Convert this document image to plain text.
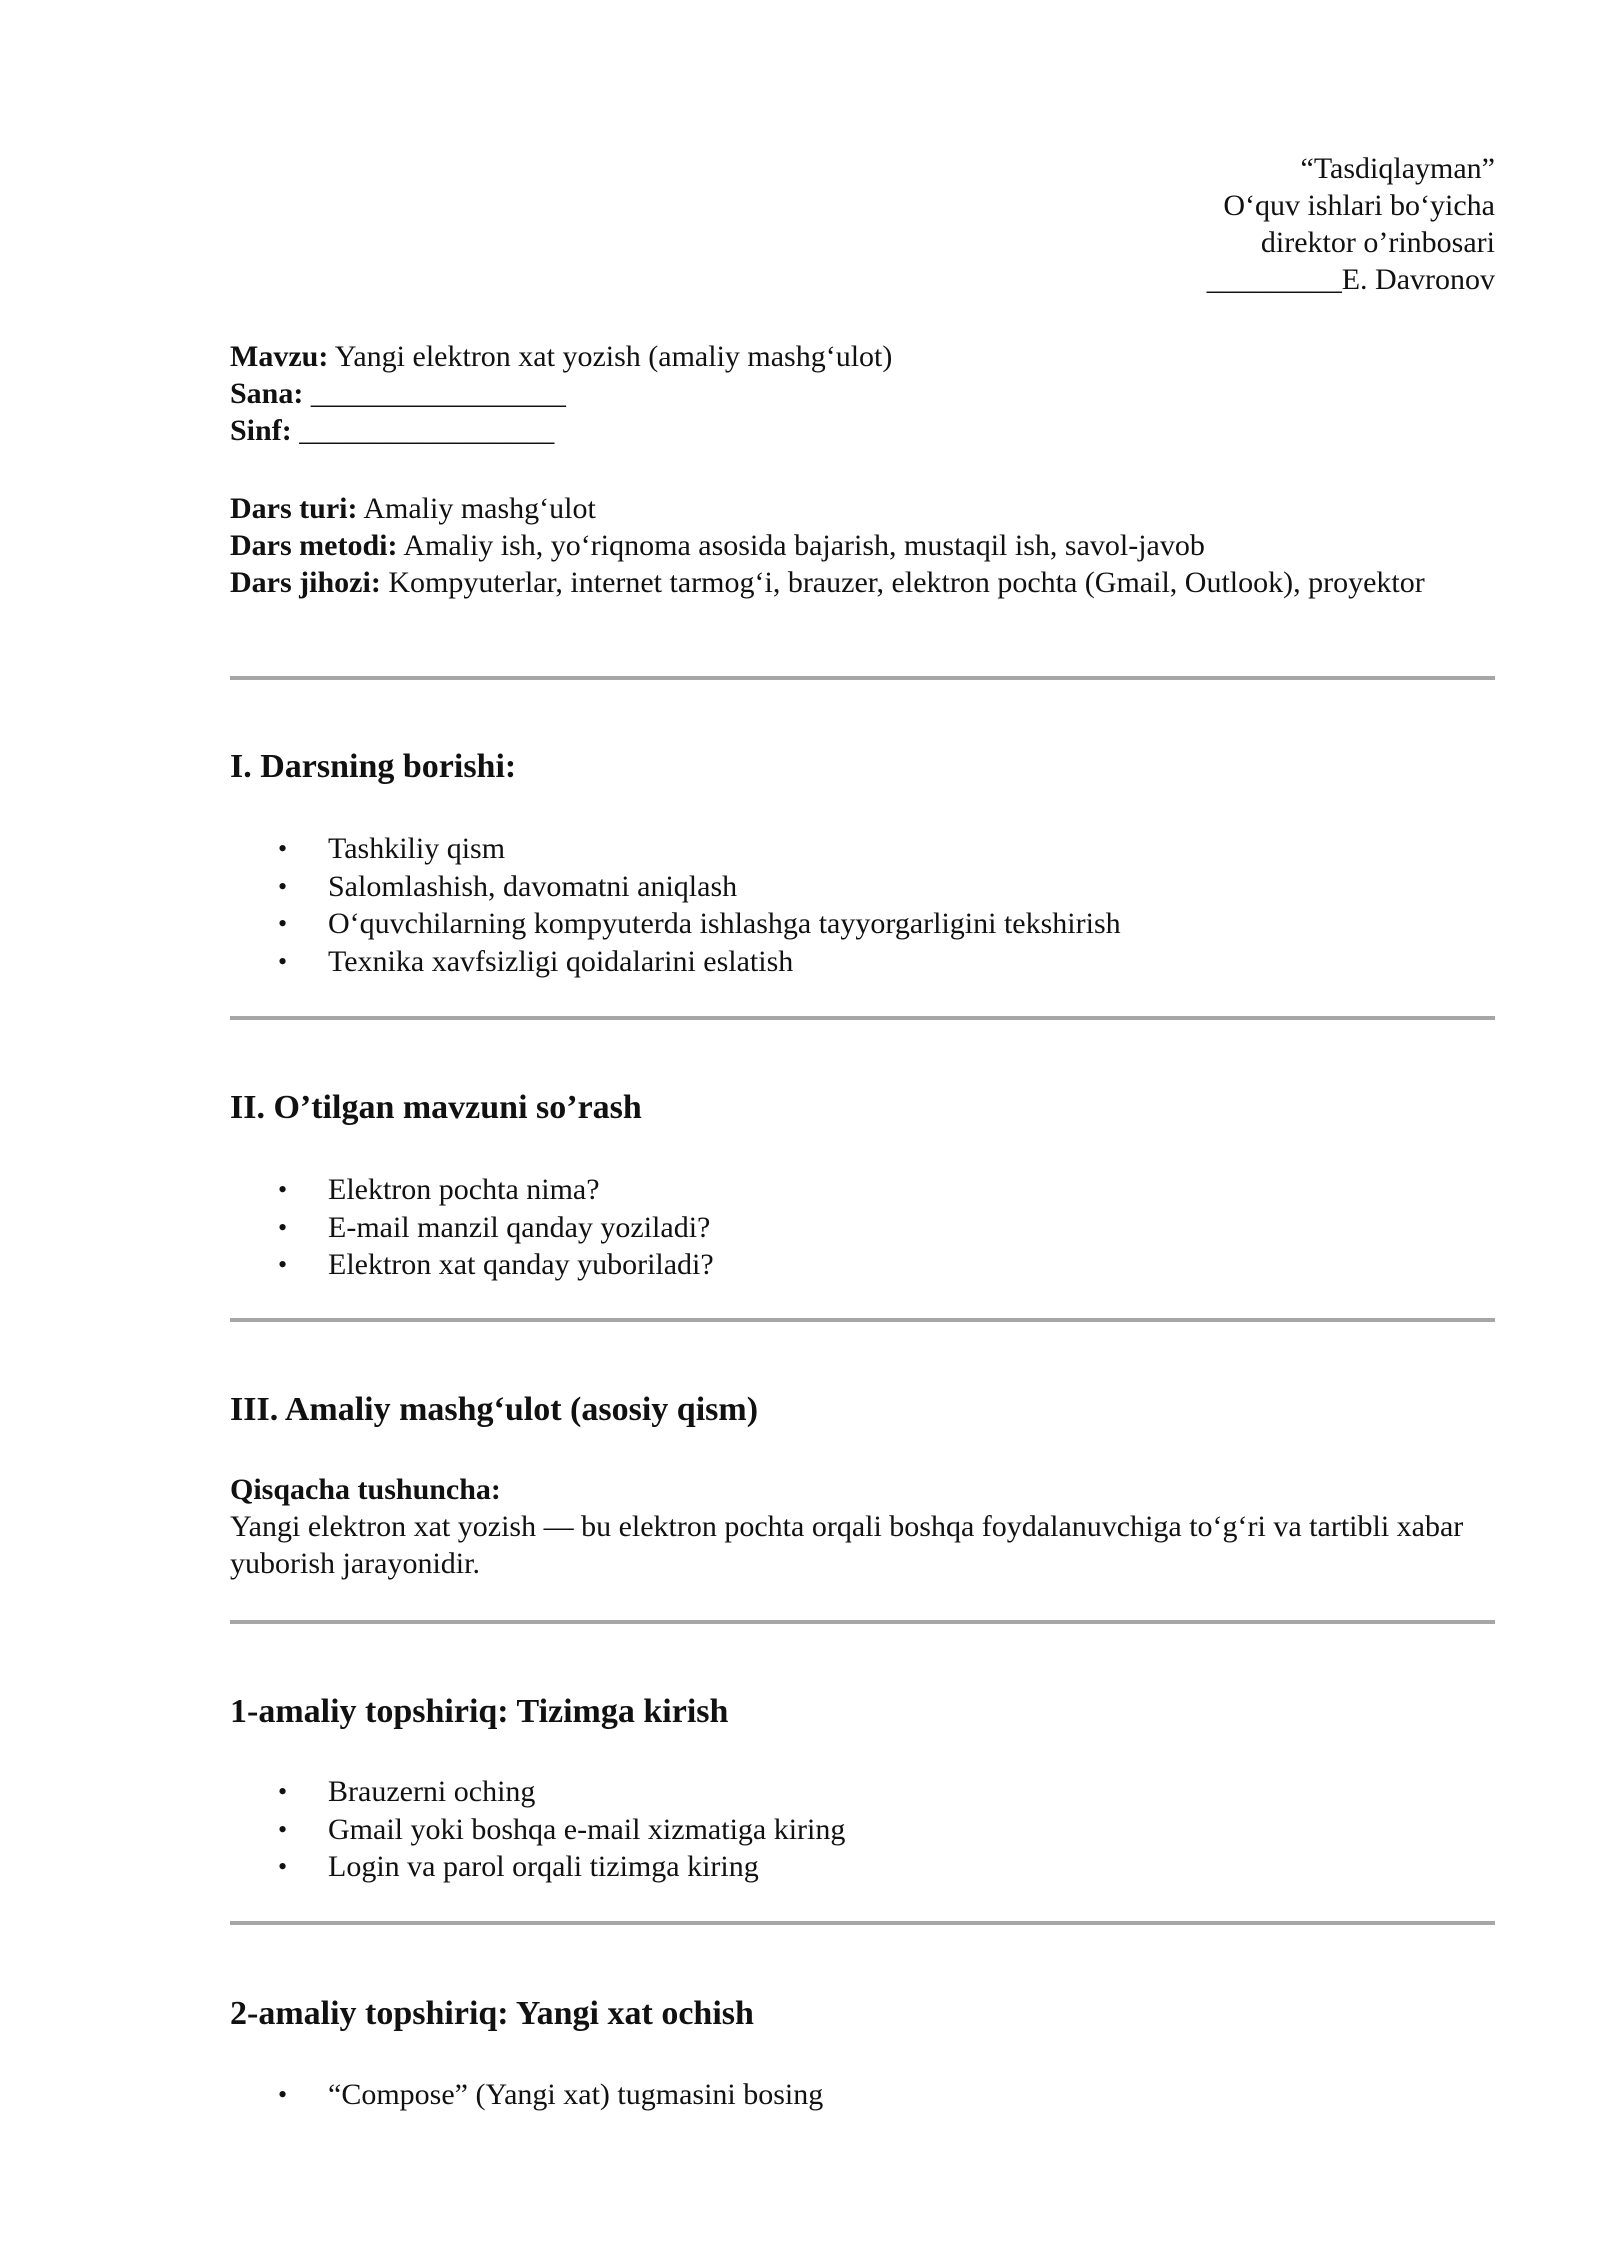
“Tasdiqlayman”
O‘quv ishlari bo‘yicha
direktor o’rinbosari
_________E. Davronov
Mavzu: Yangi elektron xat yozish (amaliy mashg‘ulot)
Sana: _________________
Sinf: _________________
Dars turi: Amaliy mashg‘ulot
Dars metodi: Amaliy ish, yo‘riqnoma asosida bajarish, mustaqil ish, savol-javob
Dars jihozi: Kompyuterlar, internet tarmog‘i, brauzer, elektron pochta (Gmail, Outlook), proyektor
I. Darsning borishi:
• Tashkiliy qism
• Salomlashish, davomatni aniqlash
• O‘quvchilarning kompyuterda ishlashga tayyorgarligini tekshirish
• Texnika xavfsizligi qoidalarini eslatish
II. O’tilgan mavzuni so’rash
• Elektron pochta nima?
• E-mail manzil qanday yoziladi?
• Elektron xat qanday yuboriladi?
III. Amaliy mashg‘ulot (asosiy qism)
Qisqacha tushuncha:
Yangi elektron xat yozish — bu elektron pochta orqali boshqa foydalanuvchiga to‘g‘ri va tartibli xabar yuborish jarayonidir.
1-amaliy topshiriq: Tizimga kirish
• Brauzerni oching
• Gmail yoki boshqa e-mail xizmatiga kiring
• Login va parol orqali tizimga kiring
2-amaliy topshiriq: Yangi xat ochish
• “Compose” (Yangi xat) tugmasini bosing
